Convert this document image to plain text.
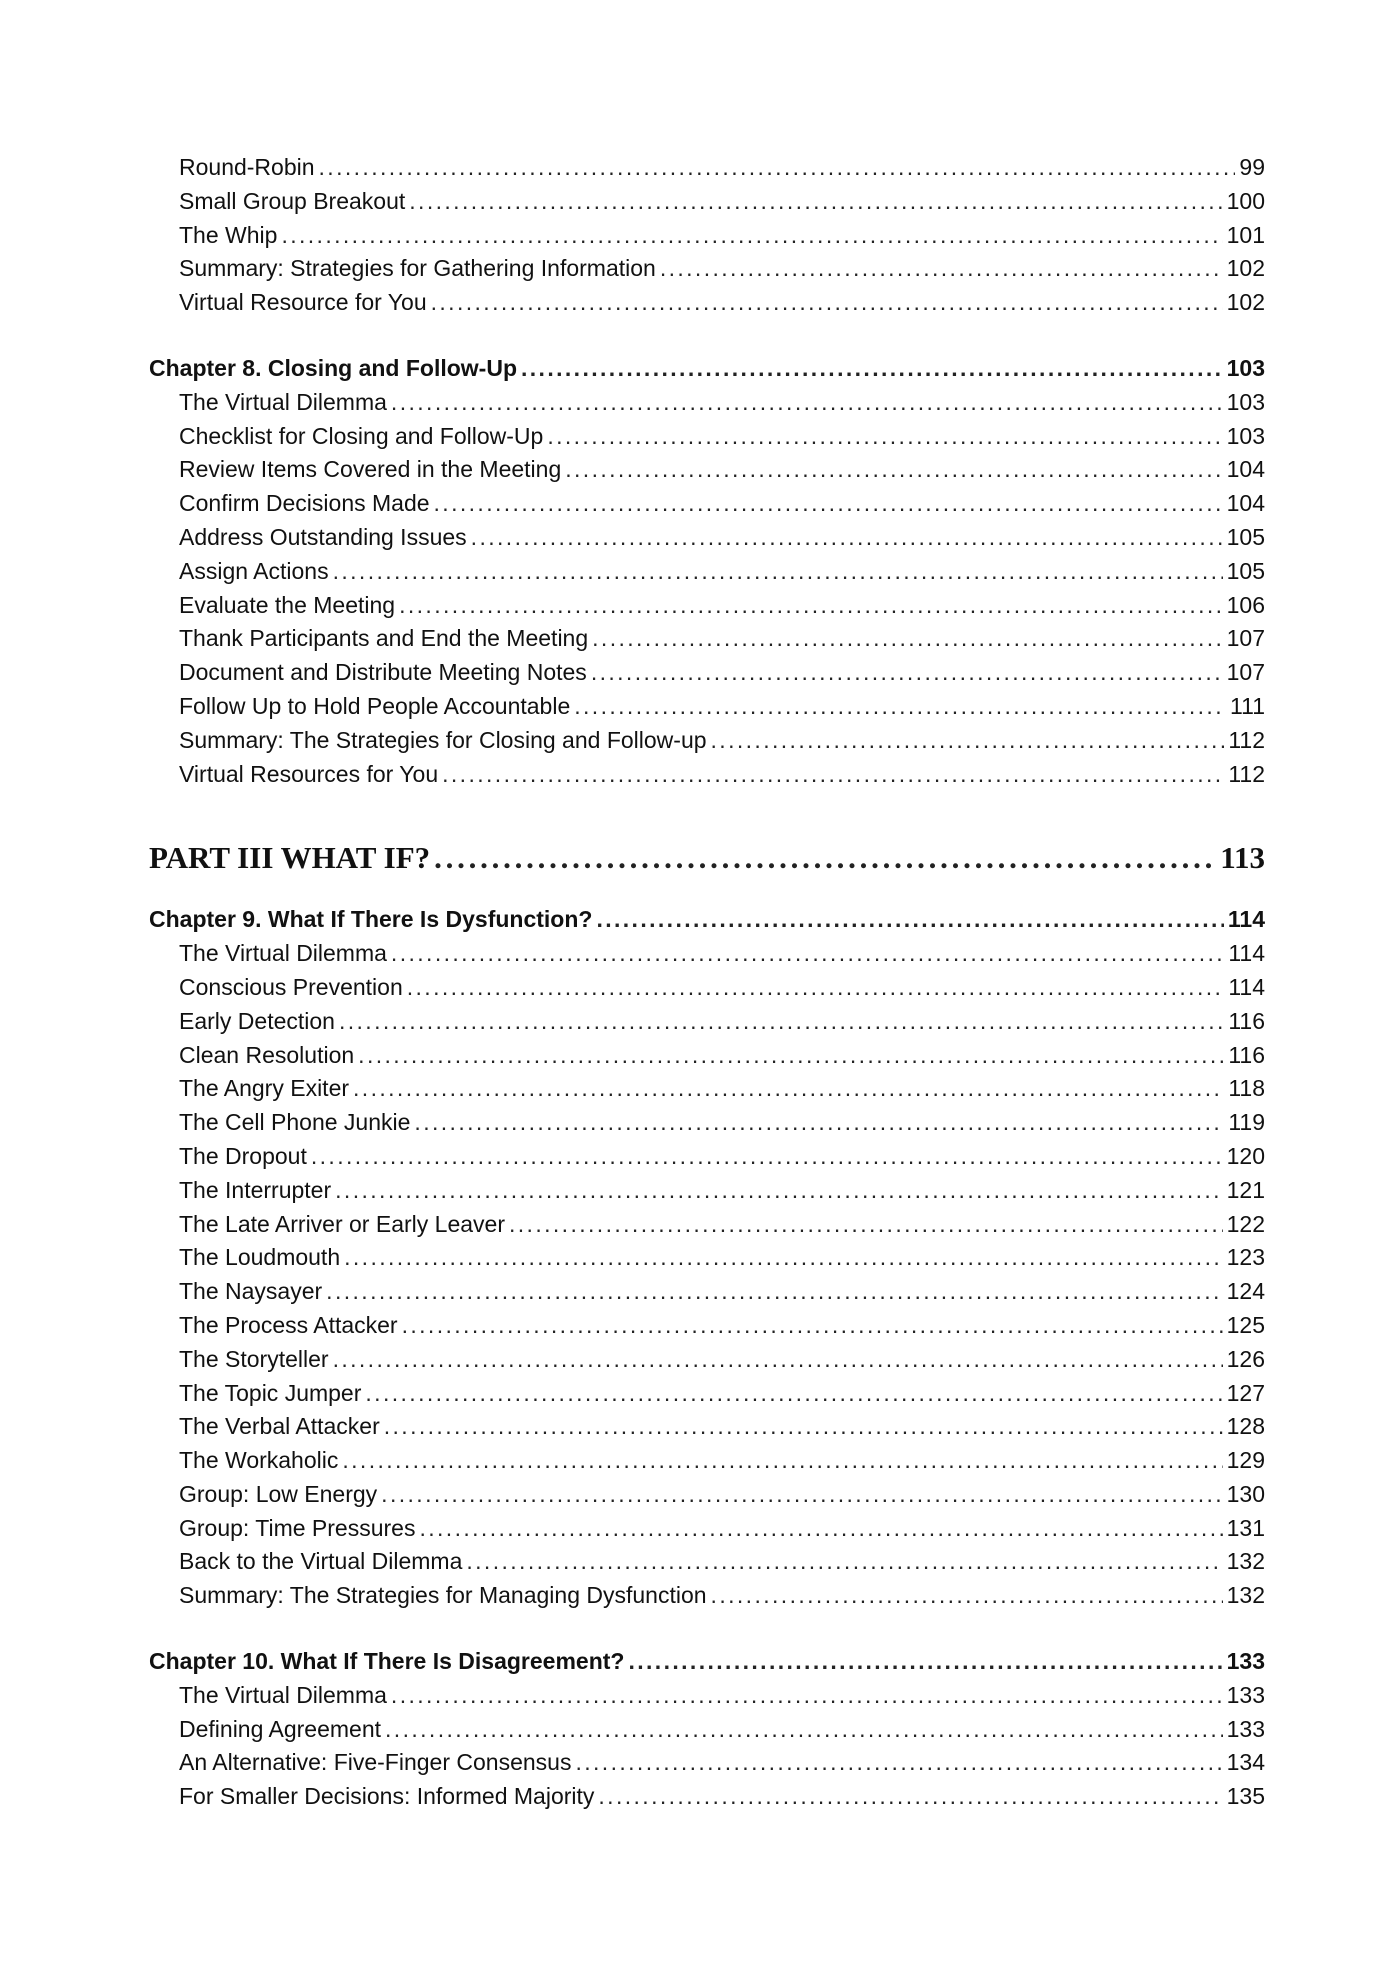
Round-Robin . . .	99
Small Group Breakout . . .	100
The Whip . . .	101
Summary: Strategies for Gathering Information . . .	102
Virtual Resource for You . . .	102
Chapter 8. Closing and Follow-Up . . .	103
The Virtual Dilemma . . .	103
Checklist for Closing and Follow-Up . . .	103
Review Items Covered in the Meeting . . .	104
Confirm Decisions Made . . .	104
Address Outstanding Issues . . .	105
Assign Actions . . .	105
Evaluate the Meeting . . .	106
Thank Participants and End the Meeting . . .	107
Document and Distribute Meeting Notes . . .	107
Follow Up to Hold People Accountable . . .	111
Summary: The Strategies for Closing and Follow-up . . .	112
Virtual Resources for You . . .	112
PART III WHAT IF? . . .	113
Chapter 9. What If There Is Dysfunction? . . .	114
The Virtual Dilemma . . .	114
Conscious Prevention . . .	114
Early Detection . . .	116
Clean Resolution . . .	116
The Angry Exiter . . .	118
The Cell Phone Junkie . . .	119
The Dropout . . .	120
The Interrupter . . .	121
The Late Arriver or Early Leaver . . .	122
The Loudmouth . . .	123
The Naysayer . . .	124
The Process Attacker . . .	125
The Storyteller . . .	126
The Topic Jumper . . .	127
The Verbal Attacker . . .	128
The Workaholic . . .	129
Group: Low Energy . . .	130
Group: Time Pressures . . .	131
Back to the Virtual Dilemma . . .	132
Summary: The Strategies for Managing Dysfunction . . .	132
Chapter 10. What If There Is Disagreement? . . .	133
The Virtual Dilemma . . .	133
Defining Agreement . . .	133
An Alternative: Five-Finger Consensus . . .	134
For Smaller Decisions: Informed Majority . . .	135
